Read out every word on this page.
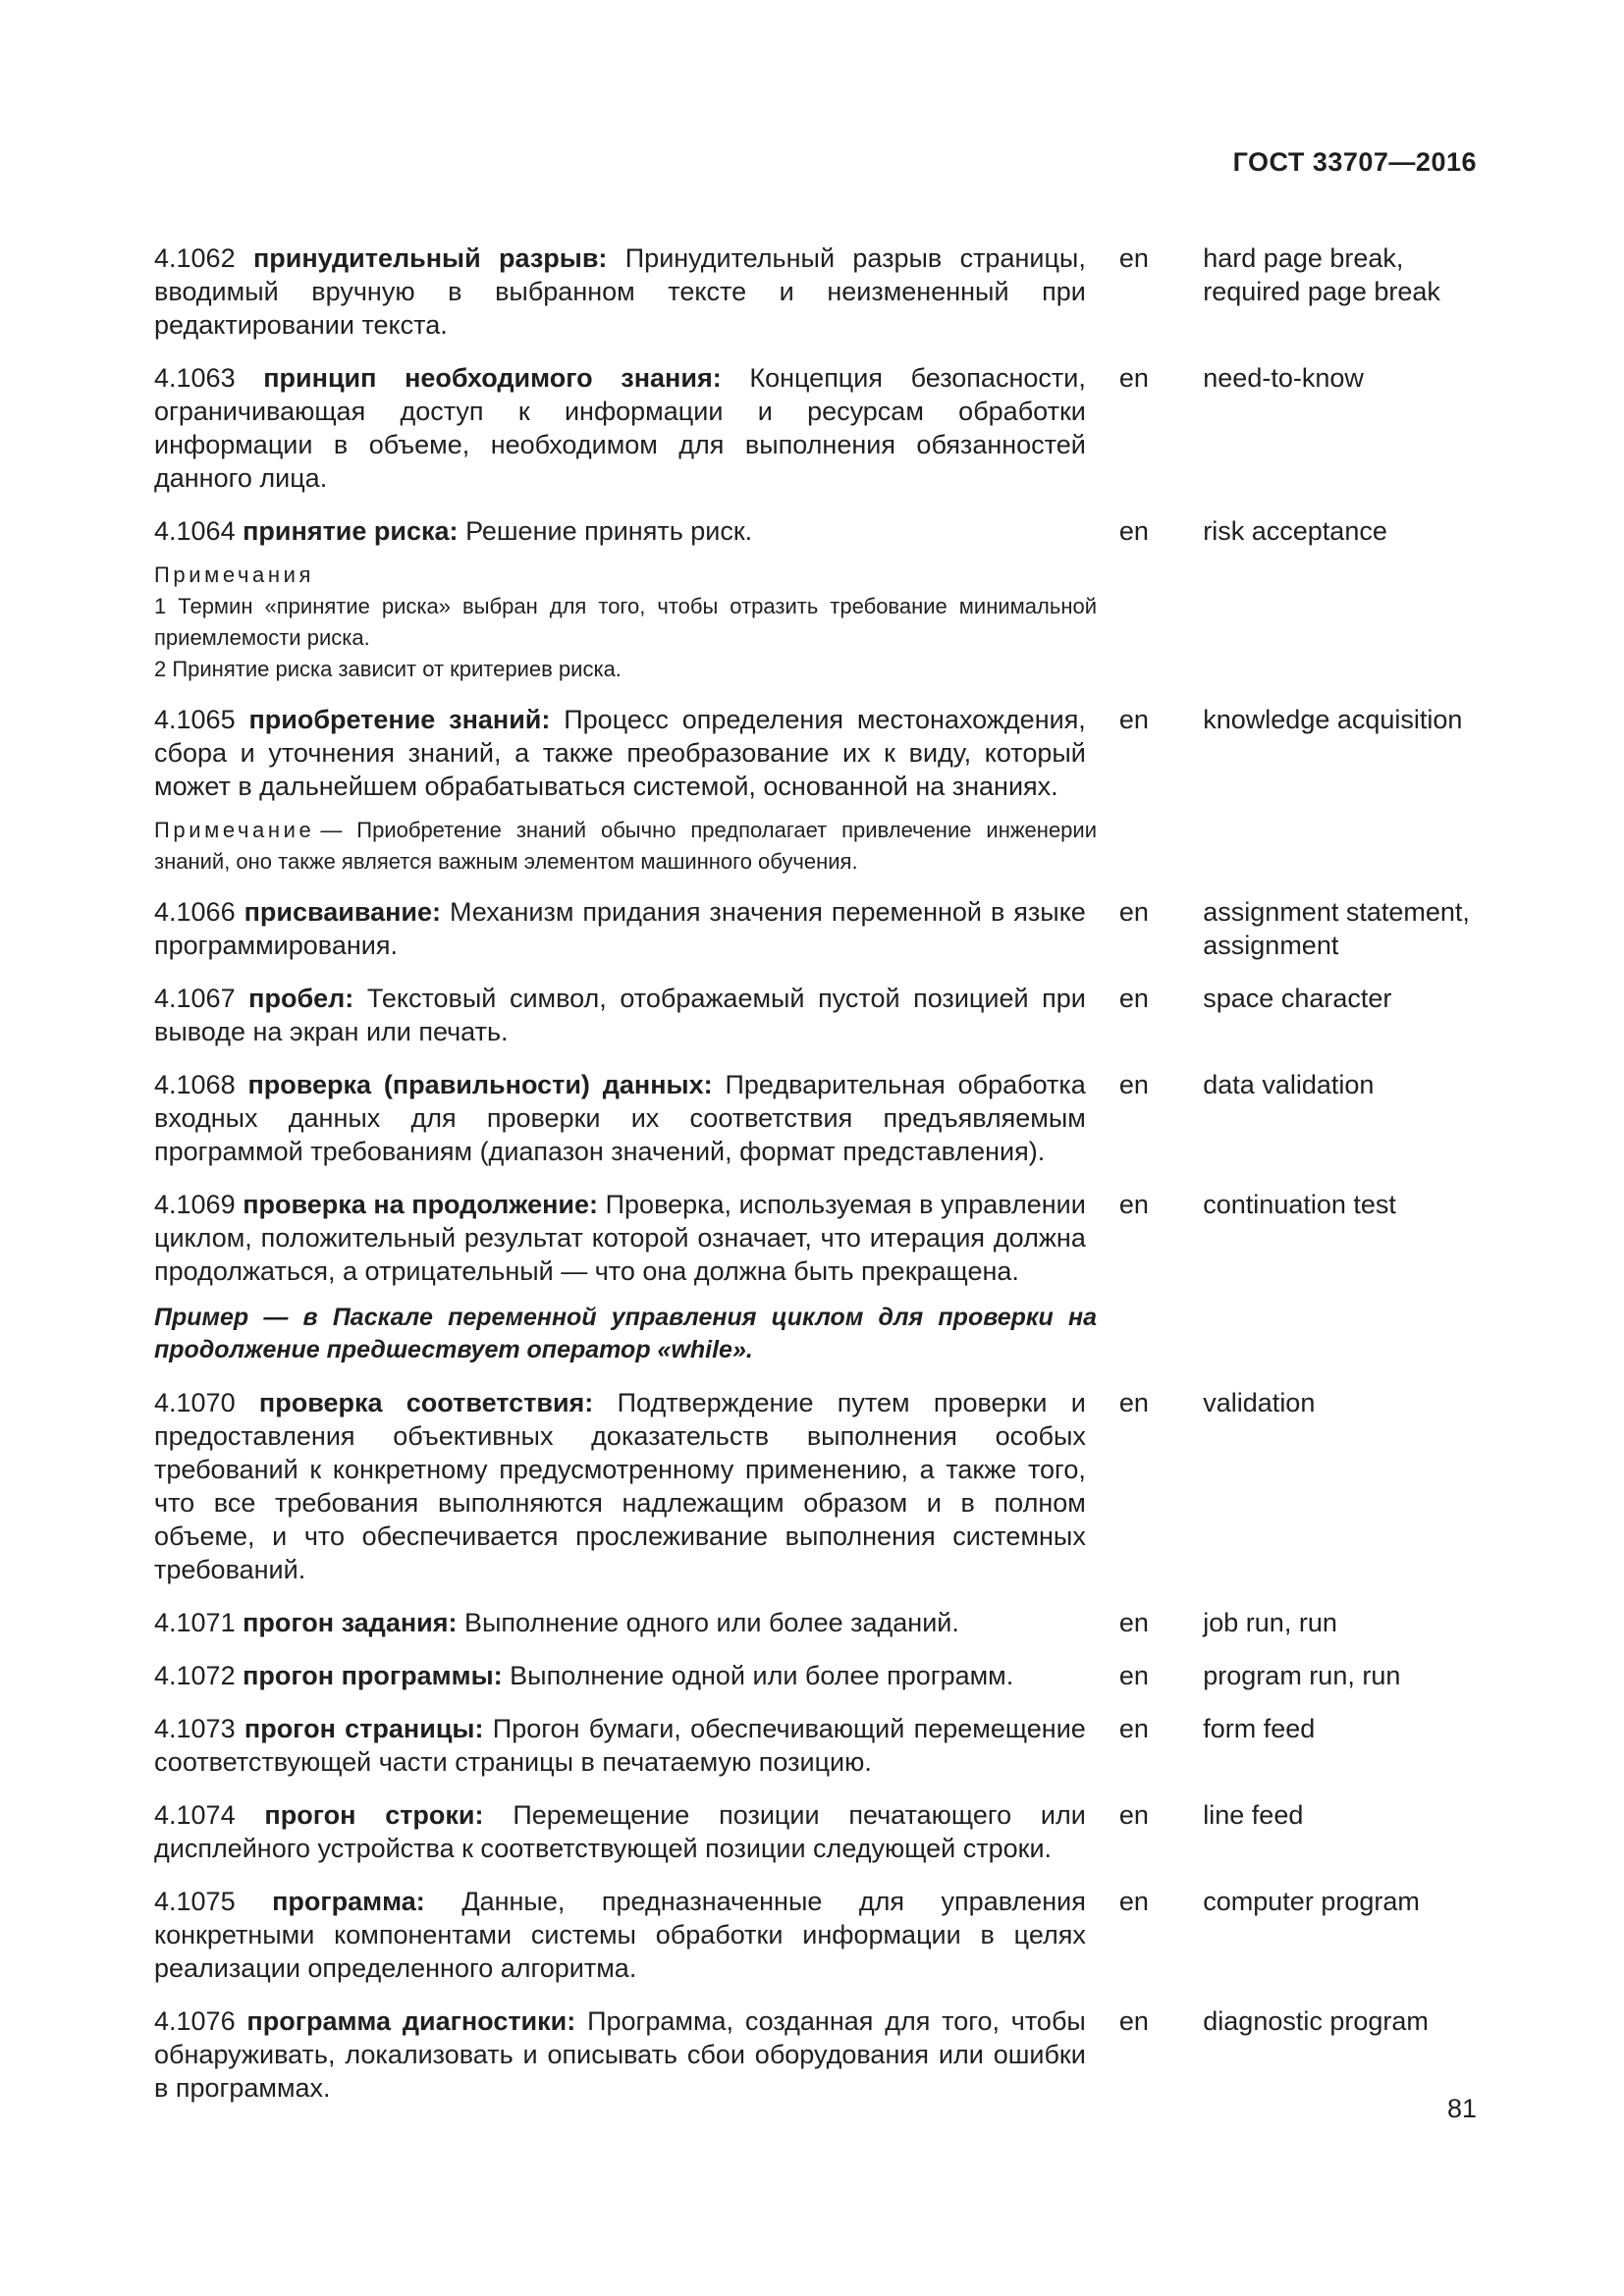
ГОСТ 33707—2016
4.1062 принудительный разрыв: Принудительный разрыв страницы, вводимый вручную в выбранном тексте и неизмененный при редактировании текста.
en	hard page break, required page break
4.1063 принцип необходимого знания: Концепция безопасности, ограничивающая доступ к информации и ресурсам обработки информации в объеме, необходимом для выполнения обязанностей данного лица.
en	need-to-know
4.1064 принятие риска: Решение принять риск.	en	risk acceptance
Примечания
1 Термин «принятие риска» выбран для того, чтобы отразить требование минимальной приемлемости риска.
2 Принятие риска зависит от критериев риска.
4.1065 приобретение знаний: Процесс определения местонахождения, сбора и уточнения знаний, а также преобразование их к виду, который может в дальнейшем обрабатываться системой, основанной на знаниях.
en	knowledge acquisition
Примечание — Приобретение знаний обычно предполагает привлечение инженерии знаний, оно также является важным элементом машинного обучения.
4.1066 присваивание: Механизм придания значения переменной в языке программирования.
en	assignment statement, assignment
4.1067 пробел: Текстовый символ, отображаемый пустой позицией при выводе на экран или печать.
en	space character
4.1068 проверка (правильности) данных: Предварительная обработка входных данных для проверки их соответствия предъявляемым программой требованиям (диапазон значений, формат представления).
en	data validation
4.1069 проверка на продолжение: Проверка, используемая в управлении циклом, положительный результат которой означает, что итерация должна продолжаться, а отрицательный — что она должна быть прекращена.
en	continuation test
Пример — в Паскале переменной управления циклом для проверки на продолжение предшествует оператор «while».
4.1070 проверка соответствия: Подтверждение путем проверки и предоставления объективных доказательств выполнения особых требований к конкретному предусмотренному применению, а также того, что все требования выполняются надлежащим образом и в полном объеме, и что обеспечивается прослеживание выполнения системных требований.
en	validation
4.1071 прогон задания: Выполнение одного или более заданий.	en	job run, run
4.1072 прогон программы: Выполнение одной или более программ.	en	program run, run
4.1073 прогон страницы: Прогон бумаги, обеспечивающий перемещение соответствующей части страницы в печатаемую позицию.
en	form feed
4.1074 прогон строки: Перемещение позиции печатающего или дисплейного устройства к соответствующей позиции следующей строки.
en	line feed
4.1075 программа: Данные, предназначенные для управления конкретными компонентами системы обработки информации в целях реализации определенного алгоритма.
en	computer program
4.1076 программа диагностики: Программа, созданная для того, чтобы обнаруживать, локализовать и описывать сбои оборудования или ошибки в программах.
en	diagnostic program
81
